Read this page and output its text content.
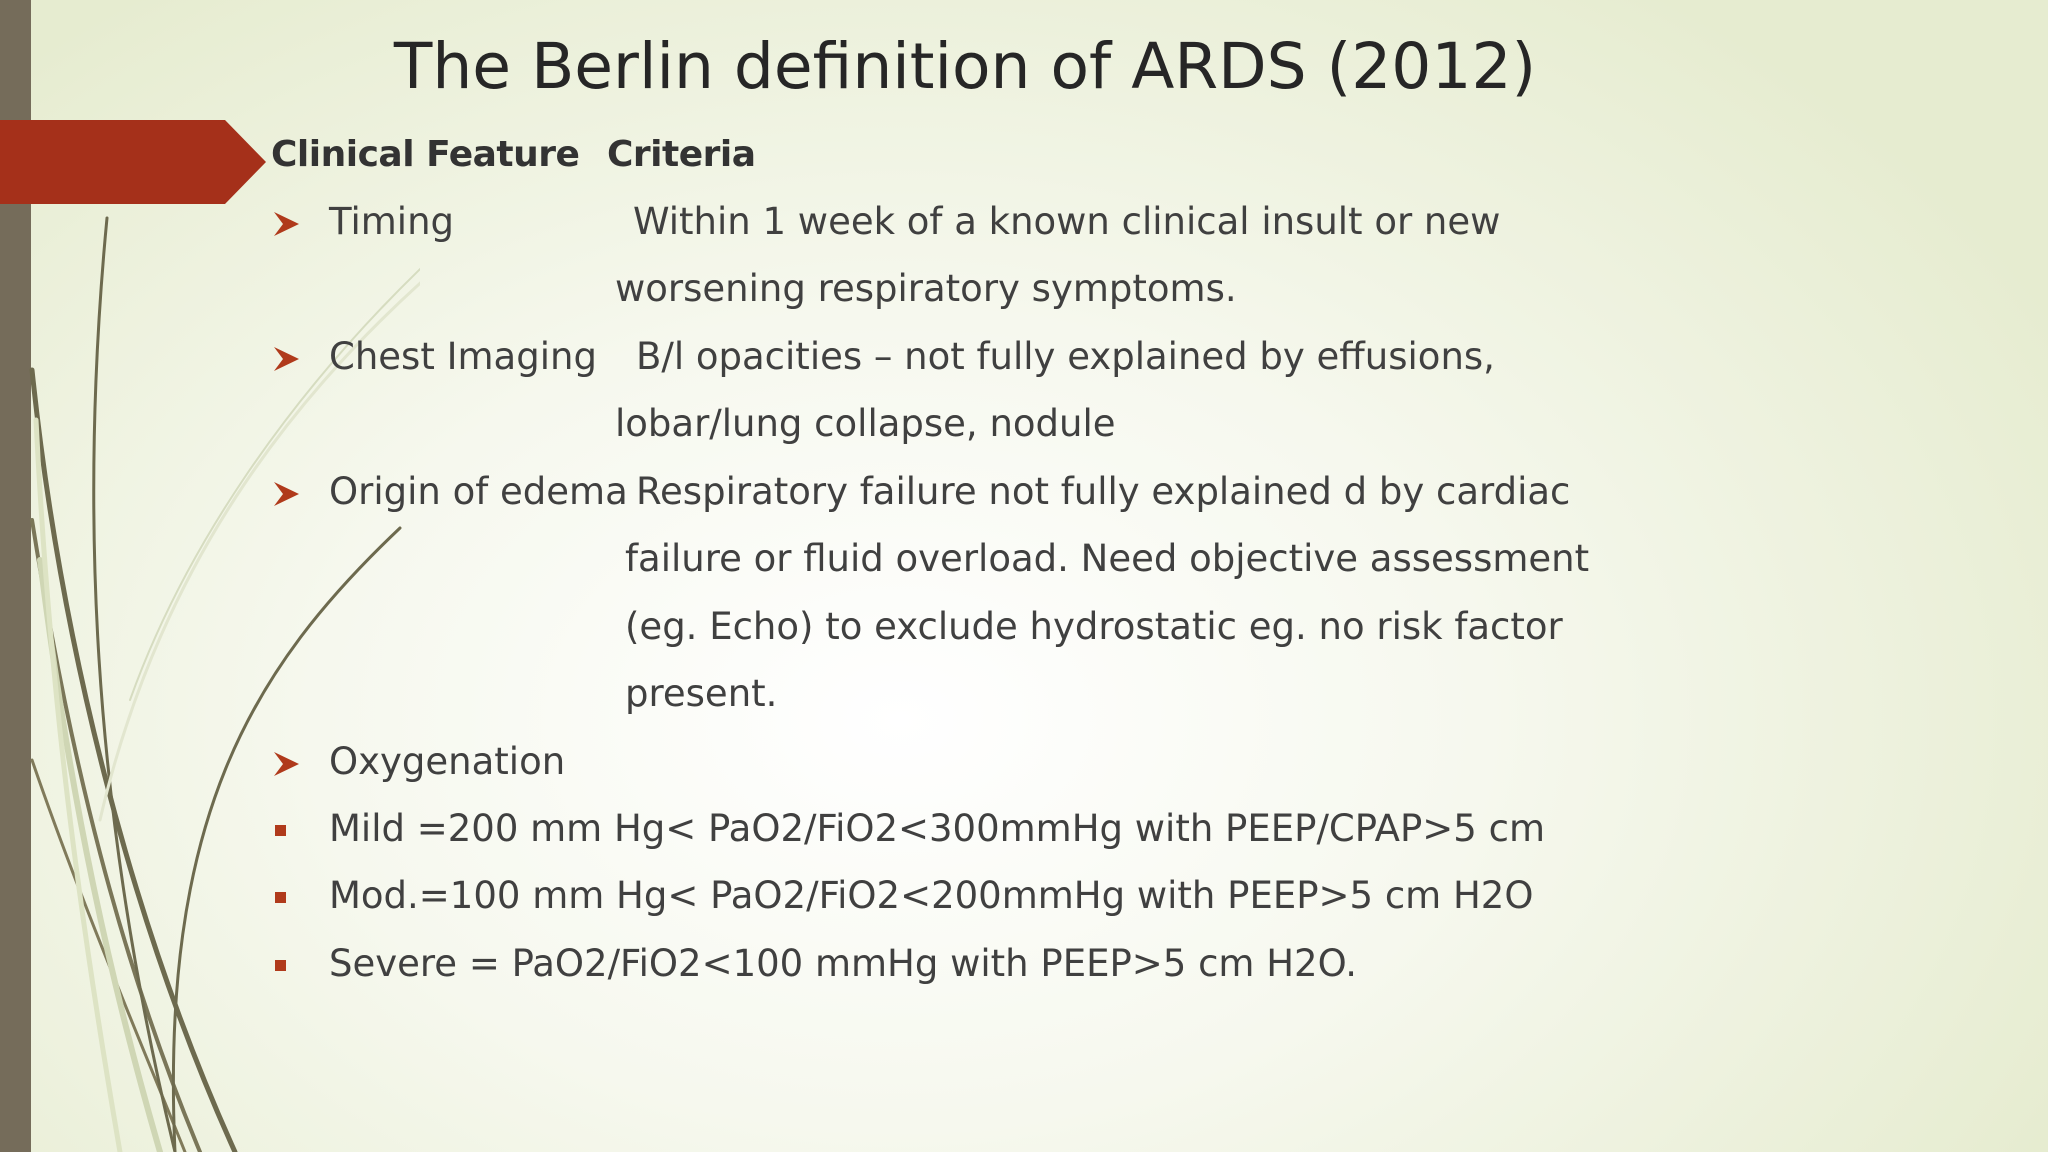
The Berlin definition of ARDS (2012)
Clinical Feature Criteria
Timing	Within 1 week of a known clinical insult or new
worsening respiratory symptoms.
Chest Imaging B/l opacities – not fully explained by effusions,
lobar/lung collapse, nodule
Origin of edema Respiratory failure not fully explained d by cardiac
failure or fluid overload. Need objective assessment
(eg. Echo) to exclude hydrostatic eg. no risk factor
present.
Oxygenation
Mild =200 mm Hg< PaO2/FiO2<300mmHg with PEEP/CPAP>5 cm
Mod.=100 mm Hg< PaO2/FiO2<200mmHg with PEEP>5 cm H2O
Severe = PaO2/FiO2<100 mmHg with PEEP>5 cm H2O.
